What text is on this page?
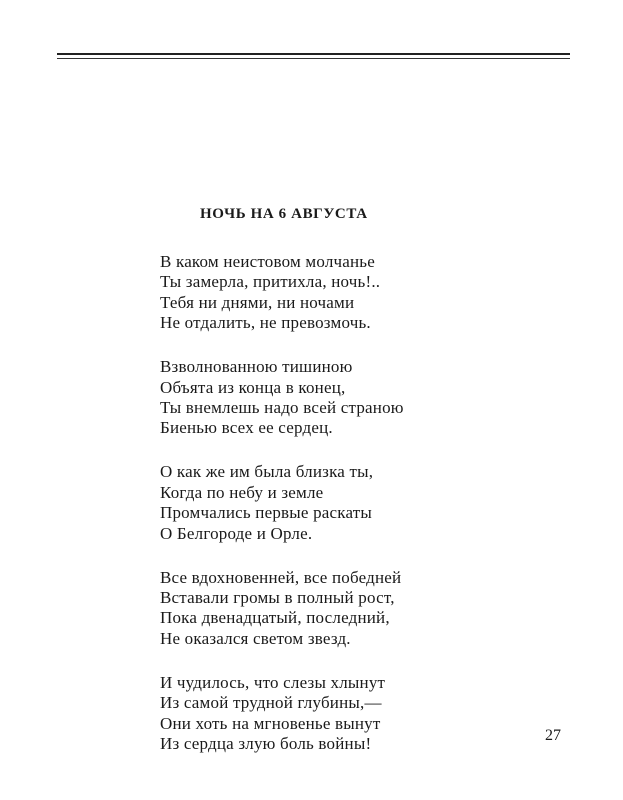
НОЧЬ НА 6 АВГУСТА
В каком неистовом молчанье
Ты замерла, притихла, ночь!..
Тебя ни днями, ни ночами
Не отдалить, не превозмочь.
Взволнованною тишиною
Объята из конца в конец,
Ты внемлешь надо всей страною
Биенью всех ее сердец.
О как же им была близка ты,
Когда по небу и земле
Промчались первые раскаты
О Белгороде и Орле.
Все вдохновенней, все победней
Вставали громы в полный рост,
Пока двенадцатый, последний,
Не оказался светом звезд.
И чудилось, что слезы хлынут
Из самой трудной глубины,—
Они хоть на мгновенье вынут
Из сердца злую боль войны!	27
